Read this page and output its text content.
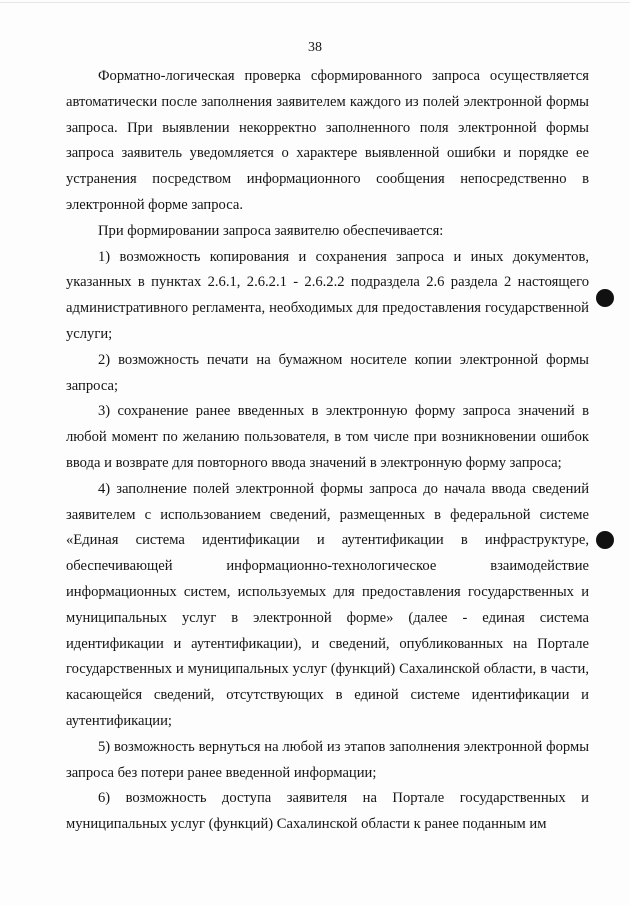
38

Форматно-логическая проверка сформированного запроса осуществляется автоматически после заполнения заявителем каждого из полей электронной формы запроса. При выявлении некорректно заполненного поля электронной формы запроса заявитель уведомляется о характере выявленной ошибки и порядке ее устранения посредством информационного сообщения непосредственно в электронной форме запроса.

При формировании запроса заявителю обеспечивается:

1) возможность копирования и сохранения запроса и иных документов, указанных в пунктах 2.6.1, 2.6.2.1 - 2.6.2.2 подраздела 2.6 раздела 2 настоящего административного регламента, необходимых для предоставления государственной услуги;

2) возможность печати на бумажном носителе копии электронной формы запроса;

3) сохранение ранее введенных в электронную форму запроса значений в любой момент по желанию пользователя, в том числе при возникновении ошибок ввода и возврате для повторного ввода значений в электронную форму запроса;

4) заполнение полей электронной формы запроса до начала ввода сведений заявителем с использованием сведений, размещенных в федеральной системе «Единая система идентификации и аутентификации в инфраструктуре, обеспечивающей информационно-технологическое взаимодействие информационных систем, используемых для предоставления государственных и муниципальных услуг в электронной форме» (далее - единая система идентификации и аутентификации), и сведений, опубликованных на Портале государственных и муниципальных услуг (функций) Сахалинской области, в части, касающейся сведений, отсутствующих в единой системе идентификации и аутентификации;

5) возможность вернуться на любой из этапов заполнения электронной формы запроса без потери ранее введенной информации;

6) возможность доступа заявителя на Портале государственных и муниципальных услуг (функций) Сахалинской области к ранее поданным им
